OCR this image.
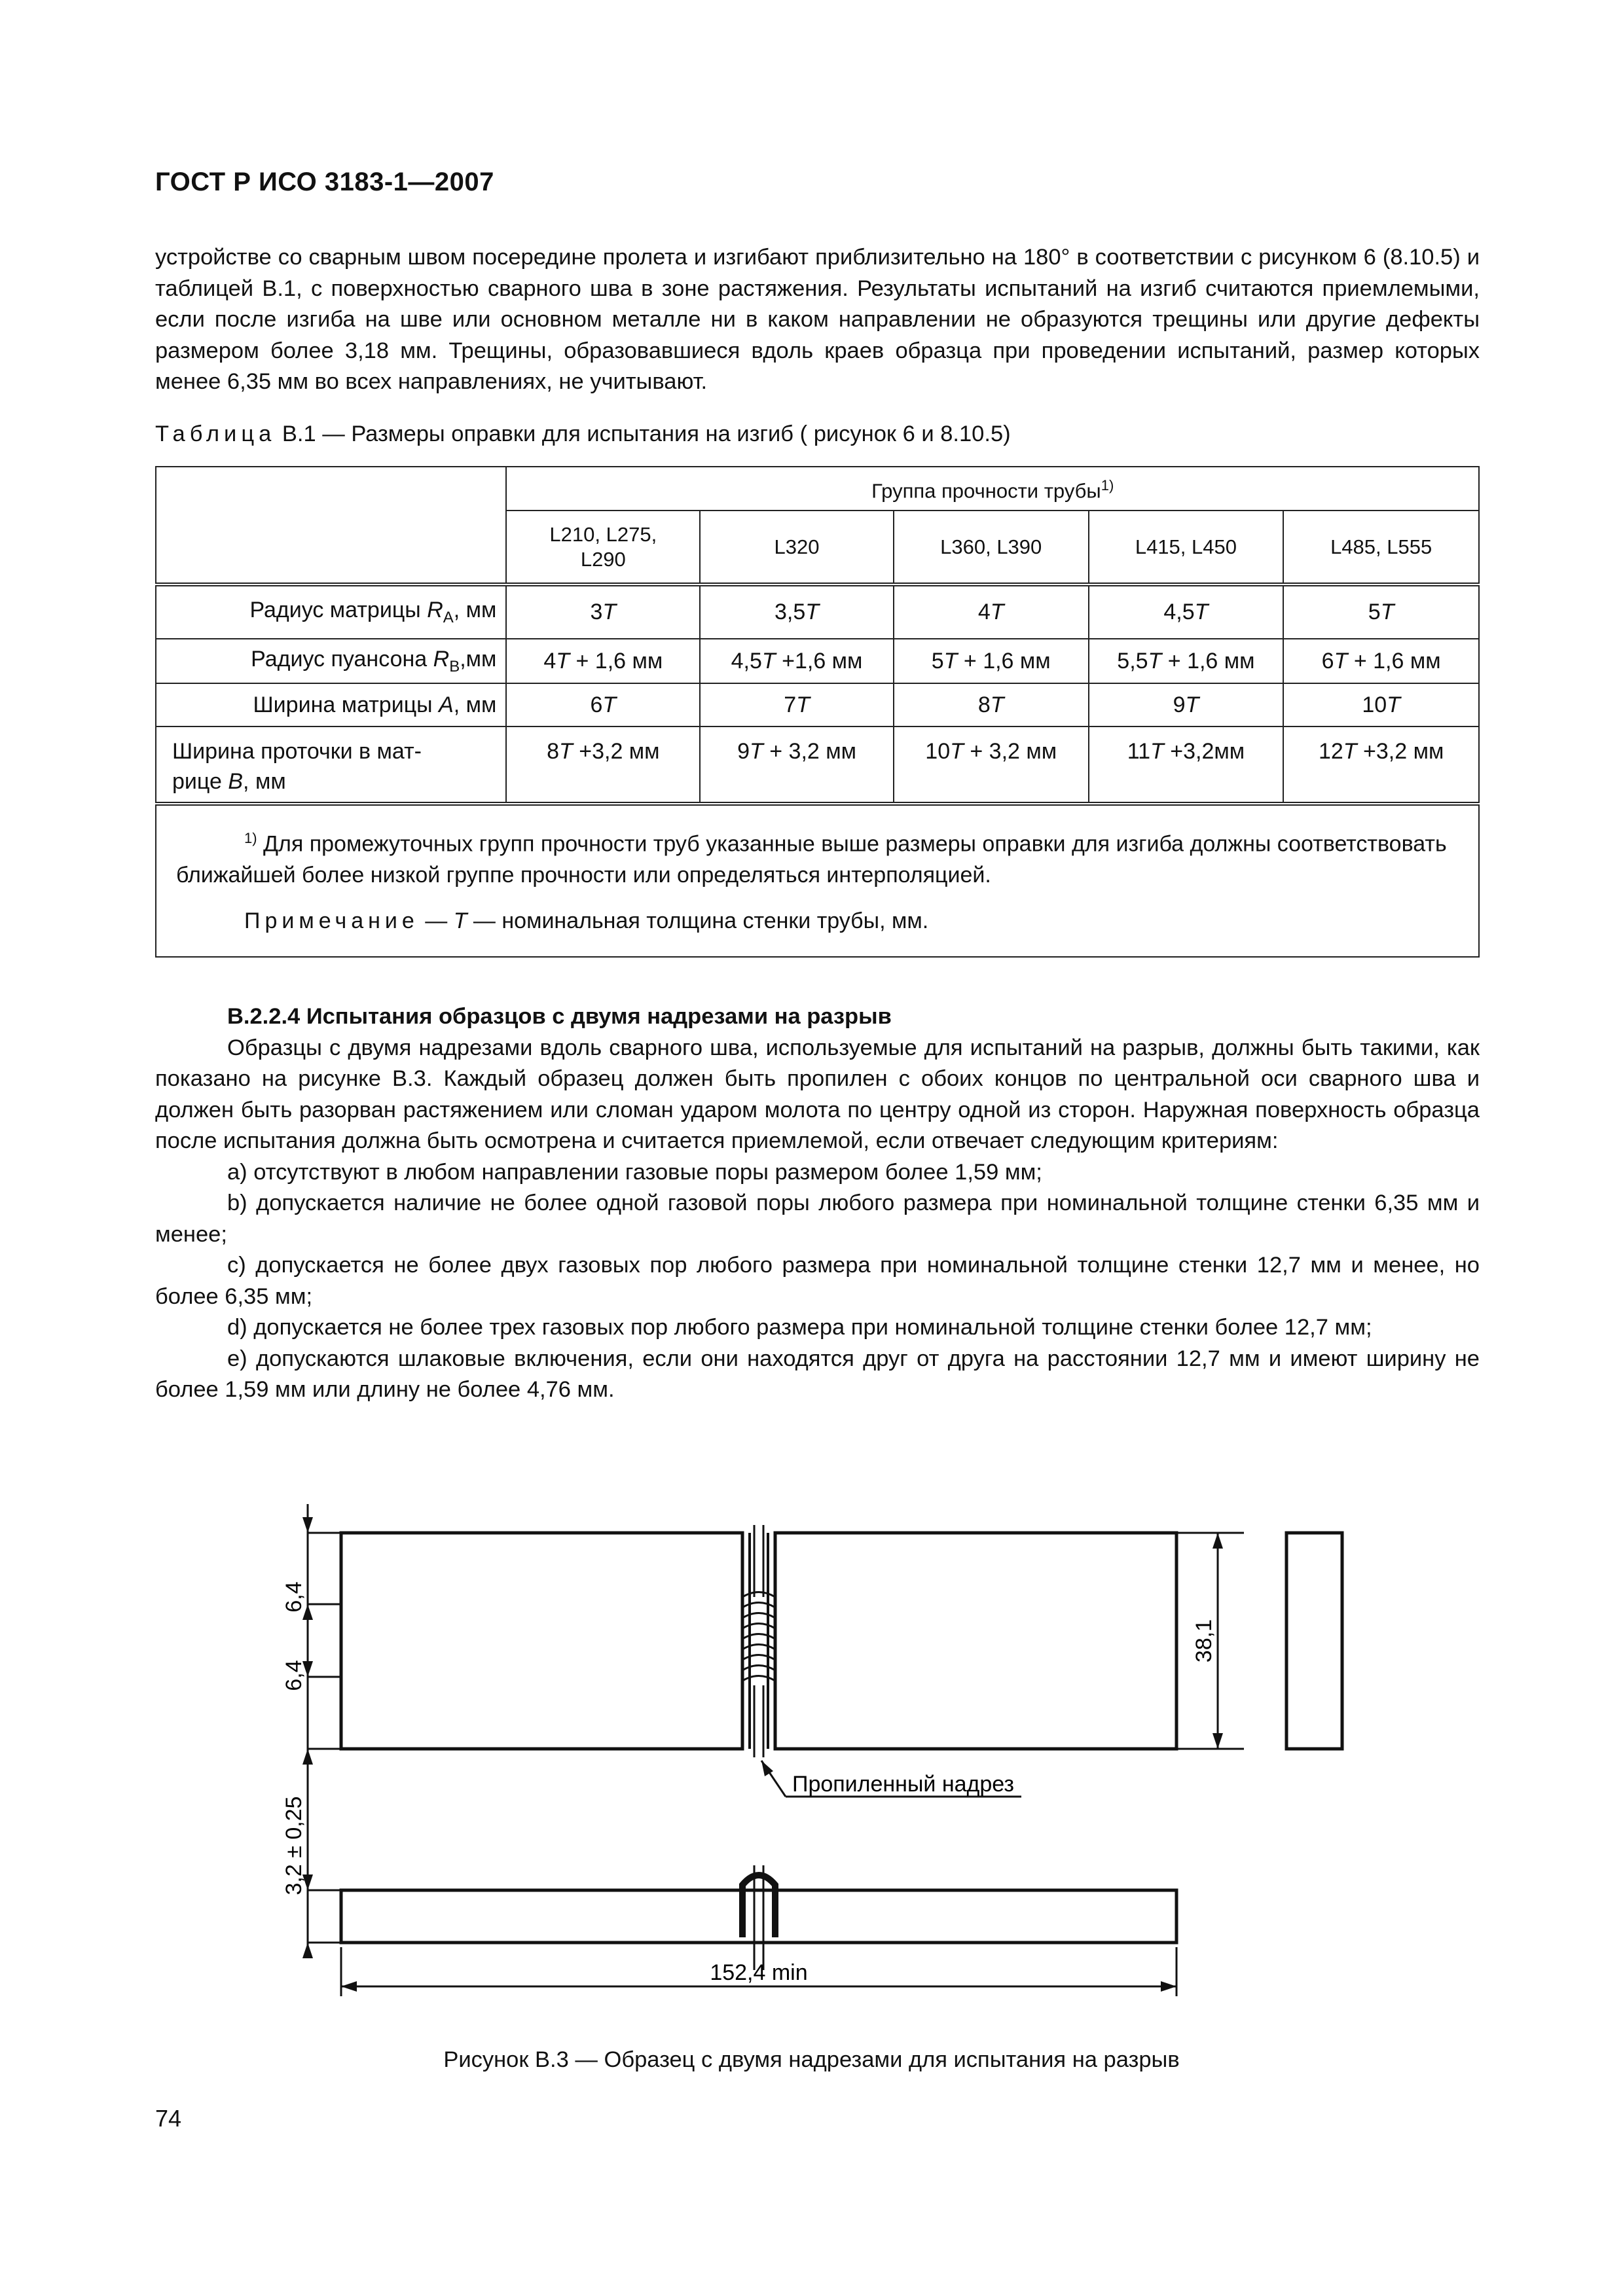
ГОСТ Р ИСО 3183-1—2007

устройстве со сварным швом посередине пролета и изгибают приблизительно на 180° в соответствии с рисунком 6 (8.10.5) и таблицей В.1, с поверхностью сварного шва в зоне растяжения. Результаты испытаний на изгиб считаются приемлемыми, если после изгиба на шве или основном металле ни в каком направлении не образуются трещины или другие дефекты размером более 3,18 мм. Трещины, образовавшиеся вдоль краев образца при проведении испытаний, размер которых менее 6,35 мм во всех направлениях, не учитывают.

Таблица В.1 — Размеры оправки для испытания на изгиб ( рисунок 6 и 8.10.5)
	Группа прочности трубы$^{1)}$
	L210, L275, L290	L320	L360, L390	L415, L450	L485, L555
Радиус матрицы $R_A$, мм	3T	3,5T	4T	4,5T	5T
Радиус пуансона $R_B,мм$	4T + 1,6 мм	4,5T +1,6 мм	5T + 1,6 мм	5,5T + 1,6 мм	6T + 1,6 мм
Ширина матрицы A, мм	6T	7T	8T	9T	10T
Ширина проточки в мат-
рице B, мм	8T +3,2 мм	9T + 3,2 мм	10T + 3,2 мм	11T +3,2мм	12T +3,2 мм

$^{1)}$ Для промежуточных групп прочности труб указанные выше размеры оправки для изгиба должны соответствовать ближайшей более низкой группе прочности или определяться интерполяцией.
Примечание — T — номинальная толщина стенки трубы, мм.					

В.2.2.4 Испытания образцов с двумя надрезами на разрыв

Образцы с двумя надрезами вдоль сварного шва, используемые для испытаний на разрыв, должны быть такими, как показано на рисунке В.3. Каждый образец должен быть пропилен с обоих концов по центральной оси сварного шва и должен быть разорван растяжением или сломан ударом молота по центру одной из сторон. Наружная поверхность образца после испытания должна быть осмотрена и считается приемлемой, если отвечает следующим критериям:

а) отсутствуют в любом направлении газовые поры размером более 1,59 мм;

b) допускается наличие не более одной газовой поры любого размера при номинальной толщине стенки 6,35 мм и менее;

c) допускается не более двух газовых пор любого размера при номинальной толщине стенки 12,7 мм и менее, но более 6,35 мм;

d) допускается не более трех газовых пор любого размера при номинальной толщине стенки более 12,7 мм;

e) допускаются шлаковые включения, если они находятся друг от друга на расстоянии 12,7 мм и имеют ширину не более 1,59 мм или длину не более 4,76 мм.

6,4
6,4
38,1
3,2 ± 0,25
152,4 min
Пропиленный надрез
Рисунок В.3 — Образец с двумя надрезами для испытания на разрыв
74
